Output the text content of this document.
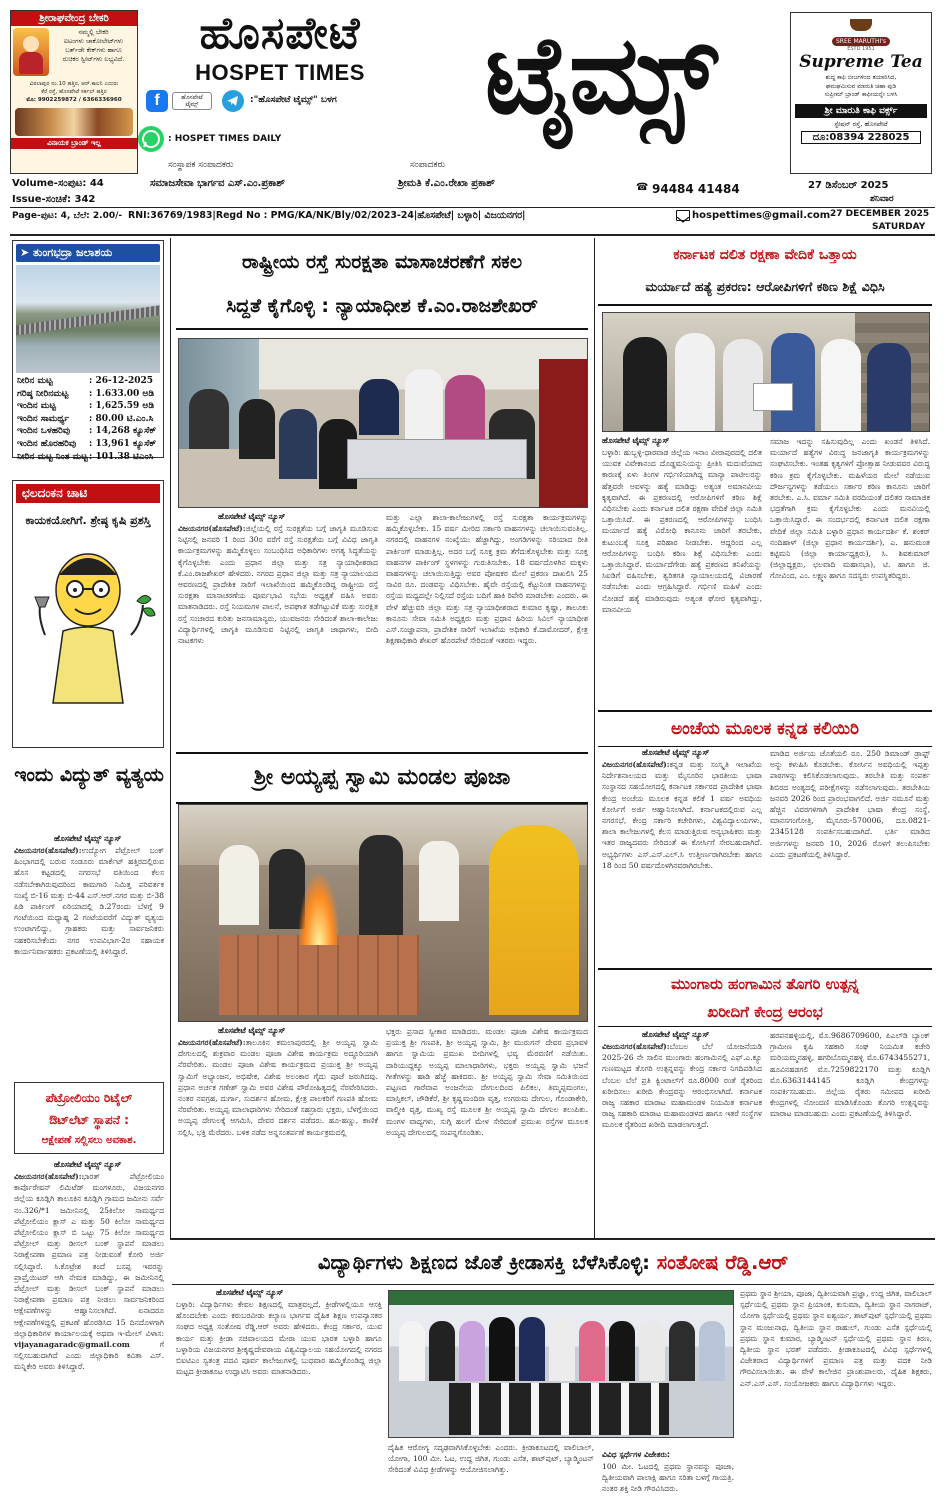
ಶ್ರೀರಾಘವೇಂದ್ರ ಬೇಕರಿ
ನಮ್ಮಲ್ಲಿ ಬೇಕರಿ
ಐಟಂಗಳು ಚಾಕೋಲೇಟ್‌ಗಳು
ಬರ್ತ್‌ಡೇ ಕೇಕ್‌ಗಳು ಹಾಗೂ
ರುಚಿಕರ ಸ್ವೀಟ್‌ಗಳು ಲಭ್ಯವಿದೆ.
ವಿಠಲಾಪುರ ನಂ.10 ಹತ್ತಿರ, ಆರ್.ಕಾಲನಿ ಎದುರು
ಕೆರೆ ರಸ್ತೆ, ಹೊಸಪೇಟೆ ಸರ್ಕಲ್ ಹತ್ತಿರ
ಮೊ: 9902259872 / 6366336960
ವಿನಾಯಕ ಬ್ರಾಂಡ್ ಇಲ್ಲ
ಹೊಸಪೇಟೆ
HOSPET TIMES
f	ಹೊಸಪೇಟೆ ಟೈಮ್ಸ್	:"ಹೊಸಪೇಟೆ ಟೈಮ್ಸ್" ಬಳಗ
: HOSPET TIMES DAILY
ಟೈಮ್ಸ್	SREE MARUTHI's
ESTD 1951
Supreme Tea
ಶುದ್ಧ ಕಾಫಿ ಬೀಜಗಳಿಂದ ತಯಾರಿಸಿದ,
ಘಮಘಮಿಸುವ ಮಾರುತಿ ಚಹಾ ಪುಡಿ
ಸುಪ್ರೀಮ್ ಬ್ರಾಂಡ್ ಕಾಫೀಯನ್ನೇ ಬಳಸಿ
ಶ್ರೀ ಮಾರುತಿ ಕಾಫಿ ವರ್ಕ್ಸ್
ಸ್ಟೇಷನ್ ರಸ್ತೆ, ಹೊಸಪೇಟೆ
ದೂ:08394 228025
ಸಂಸ್ಥಾಪಕ ಸಂಪಾದಕರು
ಸಮಾಜಸೇವಾ ಭಾರ್ಗವ ಎಸ್.ಎಂ.ಪ್ರಕಾಶ್
ಸಂಪಾದಕರು
ಶ್ರೀಮತಿ ಕೆ.ಎಂ.ರೇಖಾ ಪ್ರಕಾಶ್	☎ 94484 41484	27 ಡಿಸೆಂಬರ್ 2025
ಶನಿವಾರ
Volume-ಸಂಪುಟ: 44
Issue-ಸಂಚಿಕೆ: 342
Page-ಪುಟ: 4, ಬೆಲೆ: 2.00/- RNI:36769/1983|Regd No : PMG/KA/NK/Bly/02/2023-24|ಹೊಸಪೇಟೆ| ಬಳ್ಳಾರಿ| ವಿಜಯನಗರ|	hospettimes@gmail.com 27 DECEMBER 2025
SATURDAY
➤ ತುಂಗಭದ್ರಾ ಜಲಾಶಯ
ನೀರಿನ ಮಟ್ಟ	: 26-12-2025
ಗರಿಷ್ಠ ನೀರಿನಮಟ್ಟ	: 1.633.00 ಅಡಿ
ಇಂದಿನ ಮಟ್ಟ	: 1,625.59 ಅಡಿ
ಇಂದಿನ ಸಾಮರ್ಥ್ಯ	: 80.00 ಟಿ.ಎಂ.ಸಿ
ಇಂದಿನ ಒಳಹರಿವು	: 14,268 ಕ್ಯೂಸೆಕ್
ಇಂದಿನ ಹೊರಹರಿವು	: 13,961 ಕ್ಯೂಸೆಕ್
ನೀರಿನ ಮಟ್ಟ ನಿಂತ ಮಟ್ಟ : 101.38 ಟಿಎಂಸಿ
ಛಲದಂಕನ ಚಾಟಿ
ಕಾಯಕಯೋಗಿಗೆ. ಶ್ರೇಷ್ಠ ಕೃಷಿ ಪ್ರಶಸ್ತಿ
ಇಂದು ವಿದ್ಯುತ್ ವ್ಯತ್ಯಯ
ಹೊಸಪೇಟೆ ಟೈಮ್ಸ್ ನ್ಯೂಸ್
ವಿಜಯನಗರ(ಹೊಸಪೇಟೆ):ಉದ್ಯೋಗ ಪೆಟ್ರೋಲ್ ಬಂಕ್ ಹಿಂಭಾಗದಲ್ಲಿ ಬರುವ ಸಂಡೂರು ಮಾರ್ಕೆಟ್ ಹತ್ತಿರದಲ್ಲಿರುವ ಹೊಸ ಕಟ್ಟಡದಲ್ಲಿ ನಗರಸಭೆ ವತಿಯಿಂದ ಕೆಲಸ ನಡೆಸಬೇಕಾಗಿರುವುದರಿಂದ ಕಾಮಗಾರಿ ನಿಮಿತ್ತ ಪರಿವರ್ತಕ ಸಂಖ್ಯೆ ಬಿ-16 ಮತ್ತು ಬಿ-44 ಎಸ್.ಆರ್.ನಗರ ಮತ್ತು ಬಿ-38 ಪಿಡಿ ಪಾರ್ಕಿಂಗ್ ಏರಿಯಾದಲ್ಲಿ ಡಿ.27ರಂದು ಬೆಳಗ್ಗೆ 9 ಗಂಟೆಯಿಂದ ಮಧ್ಯಾಹ್ನ 2 ಗಂಟೆಯವರೆಗೆ ವಿದ್ಯುತ್ ವ್ಯತ್ಯಯ ಉಂಟಾಗಲಿದ್ದು, ಗ್ರಾಹಕರು ಮತ್ತು ಸಾರ್ವಜನಿಕರು ಸಹಕರಿಸಬೇಕೆಂದು ನಗರ ಉಪವಿಭಾಗ-2ರ ಸಹಾಯಕ ಕಾರ್ಯನಿರ್ವಾಹಕರು ಪ್ರಕಟಣೆಯಲ್ಲಿ ತಿಳಿಸಿದ್ದಾರೆ.
ಪೆಟ್ರೋಲಿಯಂ ರಿಟೈಲ್
ಔಟ್‌ಲೆಟ್ ಸ್ಥಾಪನೆ :
ಆಕ್ಷೇಪಣೆ ಸಲ್ಲಿಸಲು ಅವಕಾಶ.
ಹೊಸಪೇಟೆ ಟೈಮ್ಸ್ ನ್ಯೂಸ್
ವಿಜಯನಗರ(ಹೊಸಪೇಟೆ):ಭಾರತ್ ಪೆಟ್ರೋಲಿಯಂ ಕಾರ್ಪೊರೇಷನ್ ಲಿಮಿಟೆಡ್ ಮಂಗಳೂರು, ವಿಜಯನಗರ ಜಿಲ್ಲೆಯ ಕೂಡ್ಲಿಗಿ ತಾಲೂಕಿನ ಕೂಡ್ಲಿಗಿ ಗ್ರಾಮದ ಜಮೀನು ಸರ್ವೆ ನಂ.326/*1 ಜಮೀನಿನಲ್ಲಿ 25ಕಿಲೋ ಸಾಮರ್ಥ್ಯದ ಪೆಟ್ರೋಲಿಯಂ ಕ್ಲಾಸ್ ಎ ಮತ್ತು 50 ಕಿಲೋ ಸಾಮರ್ಥ್ಯದ ಪೆಟ್ರೋಲಿಯಂ ಕ್ಲಾಸ್ ಬಿ ಒಟ್ಟು 75 ಕಿಲೋ ಸಾಮರ್ಥ್ಯದ ಪೆಟ್ರೋಲ್ ಮತ್ತು ಡೀಸಲ್ ಬಂಕ್ ಸ್ಥಾಪನೆ ಮಾಡಲು ನಿರಾಕ್ಷೇಪಣಾ ಪ್ರಮಾಣ ಪತ್ರ ನೀಡುವಂತೆ ಕೋರಿ ಅರ್ಜಿ ಸಲ್ಲಿಸಿದ್ದಾರೆ. ಸಿ.ಕೊಟ್ರೇಶ ತಂದೆ ಬಸಪ್ಪ ಇವರನ್ನು ಪ್ರಾಪ್ರೈಯಿಟರ್ ಆಗಿ ನೇಮಕ ಮಾಡಿದ್ದು, ಈ ಜಮೀನಿನಲ್ಲಿ ಪೆಟ್ರೋಲ್ ಮತ್ತು ಡೀಸಲ್ ಬಂಕ್ ಸ್ಥಾಪನೆ ಮಾಡಲು ನಿರಾಕ್ಷೇಪಣಾ ಪ್ರಮಾಣ ಪತ್ರ ನೀಡಲು ಸಾರ್ವಜನಿಕರಿಂದ ಆಕ್ಷೇಪಣೆಗಳನ್ನು ಆಹ್ವಾನಿಸಲಾಗಿದೆ. ಏನಾದರೂ ಆಕ್ಷೇಪಣೆಗಳಿದ್ದಲ್ಲಿ ಪ್ರಕಟಣೆ ಹೊರಡಿಸಿದ 15 ದಿನದೊಳಗಾಗಿ ಜಿಲ್ಲಾಧಿಕಾರಿಗಳ ಕಾರ್ಯಾಲಯಕ್ಕೆ ಅಥವಾ ಇ-ಮೇಲ್ ವಿಳಾಸ: vijayanagaradc@gmail.com	ಗೆ ಸಲ್ಲಿಸಬಹುದಾಗಿದೆ ಎಂದು ಜಿಲ್ಲಾಧಿಕಾರಿ ಕವಿತಾ ಎಸ್. ಮನ್ನಿಕೇರಿ ಅವರು ತಿಳಿಸಿದ್ದಾರೆ.
ರಾಷ್ಟ್ರೀಯ ರಸ್ತೆ ಸುರಕ್ಷತಾ ಮಾಸಾಚರಣೆಗೆ ಸಕಲ
ಸಿದ್ದತೆ ಕೈಗೊಳ್ಳಿ : ನ್ಯಾಯಾಧೀಶ ಕೆ.ಎಂ.ರಾಜಶೇಖರ್
ಹೊಸಪೇಟೆ ಟೈಮ್ಸ್ ನ್ಯೂಸ್
ವಿಜಯನಗರ(ಹೊಸಪೇಟೆ):ಜಿಲ್ಲೆಯಲ್ಲಿ ರಸ್ತೆ ಸುರಕ್ಷತೆಯ ಬಗ್ಗೆ ಜಾಗೃತಿ ಮೂಡಿಸುವ ನಿಟ್ಟಿನಲ್ಲಿ ಜನವರಿ 1 ರಿಂದ 30ರ ವರೆಗೆ ರಸ್ತೆ ಸುರಕ್ಷತೆಯ ಬಗ್ಗೆ ವಿವಿಧ ಜಾಗೃತಿ ಕಾರ್ಯಕ್ರಮಗಳನ್ನು ಹಮ್ಮಿಕೊಳ್ಳಲು ಸಂಬಂಧಿಸಿದ ಅಧಿಕಾರಿಗಳು ಅಗತ್ಯ ಸಿದ್ಧತೆಯನ್ನು ಕೈಗೊಳ್ಳಬೇಕು ಎಂದು ಪ್ರಧಾನ ಜಿಲ್ಲಾ ಮತ್ತು ಸತ್ರ ನ್ಯಾಯಾಧೀಶರಾದ ಕೆ.ಎಂ.ರಾಜಶೇಖರ್ ಹೇಳಿದರು. ನಗರದ ಪ್ರಧಾನ ಜಿಲ್ಲಾ ಮತ್ತು ಸತ್ರ ನ್ಯಾಯಾಲಯದ ಆವರಣದಲ್ಲಿ ಪ್ರಾದೇಶಿಕ ಸಾರಿಗೆ ಇಲಾಖೆಯಿಂದ ಹಮ್ಮಿಕೊಂಡಿದ್ದ ರಾಷ್ಟ್ರೀಯ ರಸ್ತೆ ಸುರಕ್ಷತಾ ಮಾಸಾಚರಣೆಯ ಪೂರ್ವಭಾವಿ ಸಭೆಯ ಅಧ್ಯಕ್ಷತೆ ವಹಿಸಿ ಅವರು ಮಾತನಾಡಿದರು. ರಸ್ತೆ ನಿಯಮಗಳ ಪಾಲನೆ, ಅಪಘಾತ ತಡೆಗಟ್ಟುವಿಕೆ ಮತ್ತು ಸುರಕ್ಷಿತ ರಸ್ತೆ ಸಂಚಾರದ ಕುರಿತು ಜನಸಾಮಾನ್ಯರು, ಯುವಜನರು ಸೇರಿದಂತೆ ಶಾಲಾ-ಕಾಲೇಜು ವಿದ್ಯಾರ್ಥಿಗಳಲ್ಲಿ ಜಾಗೃತಿ ಮೂಡಿಸುವ ನಿಟ್ಟಿನಲ್ಲಿ ಜಾಗೃತಿ ಜಾಥಾಗಳು, ಬೀದಿ ನಾಟಕಗಳು
ಮತ್ತು ಎಲ್ಲಾ ಶಾಲಾ-ಕಾಲೇಜುಗಳಲ್ಲಿ ರಸ್ತೆ ಸುರಕ್ಷತಾ ಕಾರ್ಯಕ್ರಮಗಳನ್ನು ಹಮ್ಮಿಕೊಳ್ಳಬೇಕು. 15 ವರ್ಷ ಮೀರಿದ ಸರ್ಕಾರಿ ವಾಹನಗಳನ್ನು ಚಲಾಯಿಸುವಂತಿಲ್ಲ. ನಗರದಲ್ಲಿ ವಾಹನಗಳ ಸಂಖ್ಯೆಯು ಹೆಚ್ಚಾಗಿದ್ದು, ಅಂಗಡಿಗಳನ್ನು ಸರಿಯಾದ ರೀತಿ ಪಾರ್ಕಿಂಗ್ ಮಾಡುತ್ತಿಲ್ಲ. ಅದರ ಬಗ್ಗೆ ಸೂಕ್ತ ಕ್ರಮ ತೆಗೆದುಕೊಳ್ಳಬೇಕು ಮತ್ತು ಸೂಕ್ತ ವಾಹನಗಳ ಪಾರ್ಕಿಂಗ್ ಸ್ಥಳಗಳನ್ನು ಗುರುತಿಸಬೇಕು. 18 ವರ್ಷದೊಳಗಿನ ಮಕ್ಕಳು ವಾಹನಗಳನ್ನು ಚಲಾಯಿಸುತ್ತಿದ್ದು ಅವರ ಪೋಷಕರ ಮೇಲೆ ಪ್ರಕರಣ ದಾಖಲಿಸಿ 25 ಸಾವಿರ ರೂ. ದಂಡವನ್ನು ವಿಧಿಸಬೇಕು. ಹೈವೇ ರಸ್ತೆಯಲ್ಲಿ ಕೆಟ್ಟುನಿಂತ ವಾಹನಗಳನ್ನು ರಸ್ತೆಯ ಮಧ್ಯದಲ್ಲೇ ನಿಲ್ಲಿಸದೆ ರಸ್ತೆಯ ಬದಿಗೆ ಹಾಕಿ ರಿಪೇರಿ ಮಾಡಬೇಕು ಎಂದರು. ಈ ವೇಳೆ ಹೆಚ್ಚುವರಿ ಜಿಲ್ಲಾ ಮತ್ತು ಸತ್ರ ನ್ಯಾಯಾಧೀಶರಾದ ಕುಮಾರ ಕೃಷ್ಣಾ, ತಾಲೂಕು ಕಾನೂನು ಸೇವಾ ಸಮಿತಿ ಅಧ್ಯಕ್ಷರು ಮತ್ತು ಪ್ರಧಾನ ಹಿರಿಯ ಸಿವಿಲ್ ನ್ಯಾಯಾಧೀಶ ಎಸ್.ಸಂಜ್ಞಾಪನಾ, ಪ್ರಾದೇಶಿಕ ಸಾರಿಗೆ ಇಲಾಖೆಯ ಅಧಿಕಾರಿ ಕೆ.ದಾಮೋದರ್, ಕ್ಷೇತ್ರ ಶಿಕ್ಷಣಾಧಿಕಾರಿ ಶೇಖರ್ ಹೊರಪೇಟೆ ಸೇರಿದಂತೆ ಇತರರು ಇದ್ದರು.
ಶ್ರೀ ಅಯ್ಯಪ್ಪ ಸ್ವಾಮಿ ಮಂಡಲ ಪೂಜಾ
ಹೊಸಪೇಟೆ ಟೈಮ್ಸ್ ನ್ಯೂಸ್
ವಿಜಯನಗರ(ಹೊಸಪೇಟೆ):ತಾಲೂಕಿನ ಕಮಲಾಪುರದಲ್ಲಿ ಶ್ರೀ ಅಯ್ಯಪ್ಪ ಸ್ವಾಮಿ ದೇಗುಲದಲ್ಲಿ ಶುಕ್ರವಾರ ಮಂಡಲ ಪೂಜಾ ವಿಶೇಷ ಕಾರ್ಯಕ್ರಮ ಅದ್ಧೂರಿಯಾಗಿ ನೆರವೇರಿತು. ಮಂಡಲ ಪೂಜಾ ವಿಶೇಷ ಕಾರ್ಯಕ್ರಮದ ಪ್ರಯುಕ್ತ ಶ್ರೀ ಅಯ್ಯಪ್ಪ ಸ್ವಾಮಿಗೆ ಅಭ್ಯಾಂಜನ, ಅಭಿಷೇಕ, ವಿಶೇಷ ಅಲಂಕಾರ ಗೈದು ಪೂಜೆ ಜರುಗಿದವು. ಪ್ರಧಾನ ಅರ್ಚಕ ಗಣೇಶ್ ಸ್ವಾಮಿ ಅವರ ವಿಶೇಷ ಪೌರೋಹಿತ್ಯದಲ್ಲಿ ನೆರವೇರಿಸಿದರು. ನಂತರ ನವಗ್ರಹ, ದುರ್ಗಾ, ಸುದರ್ಶನ ಹೋಮ, ಕ್ಷೇತ್ರ ಪಾಲಕರಿಗೆ ಗಣಪತಿ ಹೋಮ ನೆರವೇರಿತು. ಅಯ್ಯಪ್ಪ ಮಾಲಾಧಾರಿಗಳು ಸೇರಿದಂತೆ ಸಹಸ್ರಾರು ಭಕ್ತರು, ಬೆಳಗ್ಗೆಯಿಂದ ಅಯ್ಯಪ್ಪ ದೇಗುಲಕ್ಕೆ ಆಗಮಿಸಿ, ದೇವರ ದರ್ಶನ ಪಡೆದರು. ಹೂ-ಹಣ್ಣು, ಕಾಣಿಕೆ ಸಲ್ಲಿಸಿ, ಭಕ್ತಿ ಮೆರೆದರು. ಬಳಿಕ ನಡೆದ ಅನ್ನಸಂತರ್ಪಣೆ ಕಾರ್ಯಕ್ರಮದಲ್ಲಿ
ಭಕ್ತರು ಪ್ರಸಾದ ಸ್ವೀಕಾರ ಮಾಡಿದರು. ಮಂಡಲ ಪೂಜಾ ವಿಶೇಷ ಕಾರ್ಯಕ್ರಮದ ಪ್ರಯುಕ್ತ ಶ್ರೀ ಗಣಪತಿ, ಶ್ರೀ ಅಯ್ಯಪ್ಪ ಸ್ವಾಮಿ, ಶ್ರೀ ಮುರುಗನ್ ದೇವರ ಪ್ರಭಾವಳಿ ಹಾಗೂ ಸ್ವಾಮಿಯ ಪ್ರಮುಖ ಬೀದಿಗಳಲ್ಲಿ ಭವ್ಯ ಮೆರವಣಿಗೆ ನಡೆಯಿತು. ದಾರಿಯುದ್ದಕ್ಕೂ ಅಯ್ಯಪ್ಪ ಮಾಲಾಧಾರಿಗಳು, ಭಕ್ತರು ಅಯ್ಯಪ್ಪ ಸ್ವಾಮಿ ಭಜನೆ ಗೀತೆಗಳನ್ನು ಹಾಡಿ ಹೆಜ್ಜೆ ಹಾಕಿದರು. ಶ್ರೀ ಅಯ್ಯಪ್ಪ ಸ್ವಾಮಿ ಸೇವಾ ಸಮಿತಿಯಿಂದ ಪಟ್ಟಣದ ಗಾರೆವಾಪ ಅಂಜನೇಯ ದೇಗುಲದಿಂದ ಪಿಲಿಕಲ, ತಿಮ್ಮಪ್ಪಮಂಗಲ, ಮಾಸ್ತಿಕಲ್, ಜೌಡಿಕೆರೆ, ಶ್ರೀ ಕೃಷ್ಣಮಂದಿರಾ ವೃತ್ತ, ಉಗರುಮ ದೇಗುಲ, ಗೊಂಡಾಕೇರಿ, ವಾಲ್ಮೀಕಿ ವೃತ್ತ, ಮುಖ್ಯ ರಸ್ತೆ ಮೂಲಕ ಶ್ರೀ ಅಯ್ಯಪ್ಪ ಸ್ವಾಮಿ ದೇಗುಲ ತಲುಪಿತು. ಮಂಗಳ ವಾದ್ಯಗಳು, ಸುಗ್ಗಿ ಹಲಗೆ ಮೇಳ ಸೇರಿದಂತೆ ಪ್ರಮುಖ ರಸ್ತೆಗಳ ಮೂಲಕ ಅಯ್ಯಪ್ಪ ದೇಗುಲದಲ್ಲಿ ಸಂಪನ್ನಗೊಂಡಿತು.
ಕರ್ನಾಟಕ ದಲಿತ ರಕ್ಷಣಾ ವೇದಿಕೆ ಒತ್ತಾಯ
ಮರ್ಯಾದೆ ಹತ್ಯೆ ಪ್ರಕರಣ: ಆರೋಪಿಗಳಿಗೆ ಕಠಿಣ ಶಿಕ್ಷೆ ವಿಧಿಸಿ
ಹೊಸಪೇಟೆ ಟೈಮ್ಸ್ ನ್ಯೂಸ್
ಬಳ್ಳಾರಿ: ಹುಬ್ಬಳ್ಳಿ-ಧಾರವಾಡ ಜಿಲ್ಲೆಯ ಇನಾಂ ವೀರಾಪುರದಲ್ಲಿ ದಲಿತ ಯುವಕ ವಿವೇಕಾನಂದ ದೊಡ್ಡಮನಿಯನ್ನು ಪ್ರೀತಿಸಿ ಮದುವೆಯಾದ ಕಾರಣಕ್ಕೆ ಏಳು ತಿಂಗಳ ಗರ್ಭಿಣಿಯಾಗಿದ್ದ ಮಾನ್ಯಾ ಪಾಟೀಲರನ್ನು ಹೆತ್ತವರೇ ಅವಳನ್ನು ಹತ್ಯೆ ಮಾಡಿದ್ದು ಅತ್ಯಂತ ಅಮಾನವೀಯ ಕೃತ್ಯವಾಗಿದೆ. ಈ ಪ್ರಕರಣದಲ್ಲಿ ಆರೋಪಿಗಳಿಗೆ ಕಠಿಣ ಶಿಕ್ಷೆ ವಿಧಿಸಬೇಕು ಎಂದು ಕರ್ನಾಟಕ ದಲಿತ ರಕ್ಷಣಾ ವೇದಿಕೆ ಜಿಲ್ಲಾ ಸಮಿತಿ ಒತ್ತಾಯಿಸಿದೆ. ಈ ಪ್ರಕರಣದಲ್ಲಿ ಆರೋಪಿಗಳನ್ನು ಬಂಧಿಸಿ ಮರ್ಯಾದೆ ಹತ್ಯೆ ವಿರೋಧಿ ಕಾನೂನು ಜಾರಿಗೆ ತರಬೇಕು, ಕುಟುಂಬಕ್ಕೆ ಸೂಕ್ತ ಪರಿಹಾರ ನೀಡಬೇಕು. ಆದ್ದರಿಂದ ಎಲ್ಲ ಆರೋಪಿಗಳನ್ನು ಬಂಧಿಸಿ ಕಠಿಣ ಶಿಕ್ಷೆ ವಿಧಿಸಬೇಕು ಎಂದು ಒತ್ತಾಯಿಸಿದ್ದಾರೆ. ಮರ್ಯಾದೆಗೇಡು ಹತ್ಯೆ ಪ್ರಕರಣದ ತನಿಖೆಯನ್ನು ಸಿಐಡಿಗೆ ವಹಿಸಬೇಕು, ತ್ವರಿತಗತಿ ನ್ಯಾಯಾಲಯದಲ್ಲಿ ವಿಚಾರಣೆ ನಡೆಸಬೇಕು ಎಂದು ಆಗ್ರಹಿಸಿದ್ದಾರೆ. ಗರ್ಭಿಣಿ ಮಹಿಳೆ ಎಂದು ನೋಡದೆ ಹತ್ಯೆ ಮಾಡಿರುವುದು ಅತ್ಯಂತ ಘೋರ ಕೃತ್ಯವಾಗಿದ್ದು, ಮಾನವೀಯ
ಸಮಾಜ ಇದನ್ನು ಸಹಿಸುವುದಿಲ್ಲ ಎಂದು ಖಂಡನೆ ತಿಳಿಸಿದೆ. ಮರ್ಯಾದೆ ಹತ್ಯೆಗಳ ವಿರುದ್ಧ ಜನಜಾಗೃತಿ ಕಾರ್ಯಕ್ರಮಗಳನ್ನು ಸಂಘಟಿಸಬೇಕು. ಇಂತಹ ಕೃತ್ಯಗಳಿಗೆ ಪ್ರೋತ್ಸಾಹ ನೀಡುವವರ ವಿರುದ್ಧ ಕಠಿಣ ಕ್ರಮ ಕೈಗೊಳ್ಳಬೇಕು. ಮಹಿಳೆಯರ ಮೇಲೆ ನಡೆಯುವ ದೌರ್ಜನ್ಯಗಳನ್ನು ತಡೆಯಲು ಸರ್ಕಾರ ಕಠಿಣ ಕಾನೂನು ಜಾರಿಗೆ ತರಬೇಕು. ಎ.ಸಿ. ವರ್ಮಾ ಸಮಿತಿ ವರದಿಯಂತೆ ದಲಿತರ ಸಾಮಾಜಿಕ ಭದ್ರತೆಗಾಗಿ ಕ್ರಮ ಕೈಗೊಳ್ಳಬೇಕು ಎಂದು ಮನವಿಯಲ್ಲಿ ಒತ್ತಾಯಿಸಿದ್ದಾರೆ. ಈ ಸಂದರ್ಭದಲ್ಲಿ ಕರ್ನಾಟಕ ದಲಿತ ರಕ್ಷಣಾ ವೇದಿಕೆ ಜಿಲ್ಲಾ ಸಮಿತಿ ಬಳ್ಳಾರಿ ಪ್ರಧಾನ ಕಾರ್ಯದರ್ಶಿ ಕೆ. ಶಂಕರ್ ನಂದಿಹಾಳ್ (ಜಿಲ್ಲಾ ಪ್ರಧಾನ ಕಾರ್ಯದರ್ಶಿ), ಎ. ಹನುಮಂತ ಕಟ್ಟಿಮನಿ (ಜಿಲ್ಲಾ ಕಾರ್ಯಾಧ್ಯಕ್ಷರು), ಸಿ. ಶಿವಕುಮಾರ್ (ಜಿಲ್ಲಾಧ್ಯಕ್ಷರು, ಛಲವಾದಿ ಮಹಾಸಭಾ), ಟಿ. ಹಾಗೂ ಜಿ. ಗೋವಿಂದ, ಎಂ. ಲಕ್ಷ್ಮಣ ಹಾಗೂ ಸದಸ್ಯರು ಉಪಸ್ಥಿತರಿದ್ದರು.
ಅಂಚೆಯ ಮೂಲಕ ಕನ್ನಡ ಕಲಿಯಿರಿ
ಹೊಸಪೇಟೆ ಟೈಮ್ಸ್ ನ್ಯೂಸ್
ವಿಜಯನಗರ(ಹೊಸಪೇಟೆ):ಕನ್ನಡ ಮತ್ತು ಸಂಸ್ಕೃತಿ ಇಲಾಖೆಯ ನಿರ್ದೇಶನಾಲಯದ ಮತ್ತು ಮೈಸೂರಿನ ಭಾರತೀಯ ಭಾಷಾ ಸಂಸ್ಥಾನದ ಸಹಯೋಗದಲ್ಲಿ ಕರ್ನಾಟಕ ಸರ್ಕಾರದ ಪ್ರಾದೇಶಿಕ ಭಾಷಾ ಕೇಂದ್ರ ಅಂಚೆಯ ಮೂಲಕ ಕನ್ನಡ ಕಲಿಕೆ 1 ವರ್ಷ ಅವಧಿಯ ಕೋರ್ಸಿಗೆ ಅರ್ಜಿ ಆಹ್ವಾನಿಸಲಾಗಿದೆ. ಕರ್ನಾಟಕದಲ್ಲಿರುವ ಎಲ್ಲ ನಗರಸಭೆ, ಕೇಂದ್ರ ಸರ್ಕಾರಿ ಕಚೇರಿಗಳು, ವಿಶ್ವವಿದ್ಯಾಲಯಗಳು, ಶಾಲಾ ಕಾಲೇಜುಗಳಲ್ಲಿ ಕೆಲಸ ಮಾಡುತ್ತಿರುವ ಅನ್ಯಭಾಷಿಕರು ಮತ್ತು ಇತರ ರಾಜ್ಯದವರು ಸೇರಿದಂತೆ ಈ ಕೋರ್ಸಿಗೆ ಸೇರಬಹುದಾಗಿದೆ. ಅಭ್ಯರ್ಥಿಗಳು ಎಸ್.ಎಸ್.ಎಲ್.ಸಿ ಉತ್ತೀರ್ಣರಾಗಿರಬೇಕು ಹಾಗೂ 18 ರಿಂದ 50 ವರ್ಷದೊಳಗಿನವರಾಗಿರಬೇಕು.
ಮಾಡಿದ ಅರ್ಜಿಯ ಜೊತೆಯಲಿ ರೂ. 250 ಡಿಮಾಂಡ್ ಡ್ರಾಫ್ಟ್ ಅನ್ನು ಕಳುಹಿಸಿ ಕೊಡಬೇಕು. ಕೋರ್ಸಿನ ಅವಧಿಯಲ್ಲಿ ಇಪ್ಪತ್ತು ಪಾಠಗಳನ್ನು ಕಲಿಸಿಕೊಡಲಾಗುವುದು. ತರಬೇತಿ ಮತ್ತು ಸಂಪರ್ಕ ಶಿಬಿರದ ಅಂತ್ಯದಲ್ಲಿ ಪರೀಕ್ಷೆಗಳನ್ನು ನಡೆಸಲಾಗುವುದು. ತರಬೇತಿಯ ಜನವರಿ 2026 ರಿಂದ ಪ್ರಾರಂಭವಾಗಲಿದೆ. ಅರ್ಜಿ ನಮೂನೆ ಮತ್ತು ಹೆಚ್ಚಿನ ವಿವರಗಳಿಗಾಗಿ ಪ್ರಾದೇಶಿಕ ಭಾಷಾ ಕೇಂದ್ರ ಸಂಸ್ಥೆ, ಮಾನಸಗಂಗೋತ್ರಿ, ಮೈಸೂರು-570006, ದೂ.0821-2345128 ಸಂಪರ್ಕಿಸಬಹುದಾಗಿದೆ. ಭರ್ತಿ ಮಾಡಿದ ಅರ್ಜಿಗಳನ್ನು ಜನವರಿ 10, 2026 ರೊಳಗೆ ತಲುಪಿಸಬೇಕು ಎಂದು ಪ್ರಕಟಣೆಯಲ್ಲಿ ತಿಳಿಸಿದ್ದಾರೆ.
ಮುಂಗಾರು ಹಂಗಾಮಿನ ತೊಗರಿ ಉತ್ಪನ್ನ
ಖರೀದಿಗೆ ಕೇಂದ್ರ ಆರಂಭ
ಹೊಸಪೇಟೆ ಟೈಮ್ಸ್ ನ್ಯೂಸ್
ವಿಜಯನಗರ(ಹೊಸಪೇಟೆ):ಬೆಂಬಲ ಬೆಲೆ ಯೋಜನೆಯಡಿ 2025-26 ನೇ ಸಾಲಿನ ಮುಂಗಾರು ಹಂಗಾಮಿನಲ್ಲಿ ಎಫ್.ಎ.ಕ್ಯೂ ಗುಣಮಟ್ಟದ ತೊಗರಿ ಉತ್ಪನ್ನವನ್ನು ಕೇಂದ್ರ ಸರ್ಕಾರ ನಿಗದಿಪಡಿಸಿದ ಬೆಂಬಲ ಬೆಲೆ ಪ್ರತಿ ಕ್ವಿಂಟಾಲ್‌ಗೆ ರೂ.8000 ರಂತೆ ರೈತರಿಂದ ಖರೀದಿಸಲು ಖರೀದಿ ಕೇಂದ್ರವನ್ನು ಆರಂಭಿಸಲಾಗಿದೆ. ಕರ್ನಾಟಕ ರಾಜ್ಯ ಸಹಕಾರ ಮಾರಾಟ ಮಹಾಮಂಡಳಿ ನಿಯಮಿತ ಕರ್ನಾಟಕ ರಾಜ್ಯ ಸಹಕಾರಿ ಮಾರಾಟ ಮಹಾಮಂಡಳದ ಹಾಗೂ ಇತರೆ ಸಂಸ್ಥೆಗಳ ಮೂಲಕ ರೈತರಿಂದ ಖರೀದಿ ಮಾಡಲಾಗುತ್ತದೆ.
ಹರಪನಹಳ್ಳಿಯಲ್ಲಿ, ಮೊ.9686709600, ಪಿಎಲ್‌ಡಿ ಬ್ಯಾಂಕ್ ಗ್ರಾಮೀಣ ಕೃಷಿ ಸಹಕಾರಿ ಸಂಘ ನಿಯಮಿತ ಕಚೇರಿ ಮರಿಯಮ್ಮನಹಳ್ಳಿ, ಹಗರಿಬೊಮ್ಮನಹಳ್ಳಿ ಮೊ.6743455271, ಹೂವಿನಹಡಗಲಿ ಮೊ.7259822170 ಮತ್ತು ಕೂಡ್ಲಿಗಿ ಮೊ.6363144145 ಕೂಡ್ಲಿಗಿ ಕೇಂದ್ರಗಳನ್ನು ಸಂಪರ್ಕಿಸಬಹುದು. ಜಿಲ್ಲೆಯ ರೈತರು ಸಮೀಪದ ಖರೀದಿ ಕೇಂದ್ರಗಳಲ್ಲಿ ನೋಂದಣಿ ಮಾಡಿಸಿಕೊಂಡು ತೊಗರಿ ಉತ್ಪನ್ನವನ್ನು ಮಾರಾಟ ಮಾಡಬಹುದು ಎಂದು ಪ್ರಕಟಣೆಯಲ್ಲಿ ತಿಳಿಸಿದ್ದಾರೆ.
ವಿದ್ಯಾರ್ಥಿಗಳು ಶಿಕ್ಷಣದ ಜೊತೆ ಕ್ರೀಡಾಸಕ್ತಿ ಬೆಳೆಸಿಕೊಳ್ಳಿ: ಸಂತೋಷ ರೆಡ್ಡಿ.ಆರ್
ಹೊಸಪೇಟೆ ಟೈಮ್ಸ್ ನ್ಯೂಸ್
ಬಳ್ಳಾರಿ: ವಿದ್ಯಾರ್ಥಿಗಳು ಕೇವಲ ಶಿಕ್ಷಣದಲ್ಲಿ ಮಾತ್ರವಲ್ಲದೆ, ಕ್ರೀಡೆಗಳಲ್ಲಿಯೂ ಆಸಕ್ತಿ ಹೊಂದಬೇಕು ಎಂದು ಕರುಬರವೀಡು ಕಲ್ಯಾಣ ಭಾರ್ಗವ ದೈಹಿಕ ಶಿಕ್ಷಣ ಉಪನ್ಯಾಸಕರ ಸಂಘದ ಅಧ್ಯಕ್ಷ ಸಂತೋಷ ರೆಡ್ಡಿ.ಆರ್ ಅವರು ಹೇಳಿದರು. ಕೇಂದ್ರ ಸರ್ಕಾರ, ಯುವ ಕಾರ್ಯ ಮತ್ತು ಕ್ರೀಡಾ ಸಚಿವಾಲಯದ ಮೇರಾ ಯುವ ಭಾರತ ಬಳ್ಳಾರಿ ಹಾಗೂ ಬಳ್ಳಾರಿಯ ವಿಜಯನಗರ ಶ್ರೀಕೃಷ್ಣದೇವರಾಯ ವಿಶ್ವವಿದ್ಯಾಲಯ ಸಹಯೋಗದಲ್ಲಿ ನಗರದ ಬಿಐಟಿಎಂ ಸ್ವತಂತ್ರ ಪದವಿ ಪೂರ್ವ ಕಾಲೇಜುಗಳಲ್ಲಿ ಬುಧವಾರ ಹಮ್ಮಿಕೊಂಡಿದ್ದ ಜಿಲ್ಲಾ ಮಟ್ಟದ ಕ್ರೀಡಾಕೂಟ ಉದ್ಘಾಟಿಸಿ ಅವರು ಮಾತನಾಡಿದರು.
ದೈಹಿಕ ಆರೋಗ್ಯ ಸದೃಢವಾಗಿಸಿಕೊಳ್ಳಬೇಕು ಎಂದರು. ಕ್ರೀಡಾಕೂಟದಲ್ಲಿ ವಾಲಿಬಾಲ್, ಯೋಗಾ, 100 ಮೀ. ಓಟ, ಉದ್ದ ಜಿಗಿತ, ಗುಂಡು ಎಸೆತ, ಶಾಟ್‌ಪುಟ್, ಬ್ಯಾಡ್ಮಿಂಟನ್ ಸೇರಿದಂತೆ ವಿವಿಧ ಕ್ರೀಡೆಗಳನ್ನು ಆಯೋಜಿಸಲಾಗಿತ್ತು.
ವಿವಿಧ ಸ್ಪರ್ಧೆಗಳ ವಿಜೇತರು:
100 ಮೀ. ಓಟದಲ್ಲಿ ಪ್ರಥಮ ಸ್ಥಾನವನ್ನು ಪೂಜಾ, ದ್ವಿತೀಯವಾಗಿ ಪಾಲಾಕ್ಷಿ ಹಾಗೂ ಸರಿತಾ ಬಳಗ್ಗೆ ಗಾಯತ್ರಿ. ನಂತರ ಶಕ್ತಿ ನೀಡಿ ಗೌರವಿಸಿದರು.
ಪ್ರಥಮ ಸ್ಥಾನ ಶ್ರೀಯಾ, ಪೂಜಾ, ದ್ವಿತೀಯವಾಗಿ ಪ್ರಜ್ಞಾ, ಉದ್ದ ಜಿಗಿತ, ವಾಲಿಬಾಲ್ ಸ್ಪರ್ಧೆಯಲ್ಲಿ ಪ್ರಥಮ ಸ್ಥಾನ ಪ್ರಿಯಾಂಕ, ಕುಸುಮಾ, ದ್ವಿತೀಯ ಸ್ಥಾನ ನಾಗರಾಜ್, ಯೋಗಾ ಸ್ಪರ್ಧೆಯಲ್ಲಿ ಪ್ರಥಮ ಸ್ಥಾನ ಐಶ್ವರ್ಯ, ಶಾಟ್‌ಪುಟ್ ಸ್ಪರ್ಧೆಯಲ್ಲಿ ಪ್ರಥಮ ಸ್ಥಾನ ಮಂಜುನಾಥ, ದ್ವಿತೀಯ ಸ್ಥಾನ ರಾಹುಲ್, ಗುಂಡು ಎಸೆತ ಸ್ಪರ್ಧೆಯಲ್ಲಿ ಪ್ರಥಮ ಸ್ಥಾನ ಕುಮಾರ, ಬ್ಯಾಡ್ಮಿಂಟನ್ ಸ್ಪರ್ಧೆಯಲ್ಲಿ ಪ್ರಥಮ ಸ್ಥಾನ ಕಿರಣ, ದ್ವಿತೀಯ ಸ್ಥಾನ ಭರತ್ ಪಡೆದರು. ಕ್ರೀಡಾಕೂಟದಲ್ಲಿ ವಿವಿಧ ಸ್ಪರ್ಧೆಗಳಲ್ಲಿ ವಿಜೇತರಾದ ವಿದ್ಯಾರ್ಥಿಗಳಿಗೆ ಪ್ರಮಾಣ ಪತ್ರ ಮತ್ತು ಪದಕ ನೀಡಿ ಗೌರವಿಸಲಾಯಿತು. ಈ ವೇಳೆ ಕಾಲೇಜಿನ ಪ್ರಾಂಶುಪಾಲರು, ದೈಹಿಕ ಶಿಕ್ಷಕರು, ಎನ್.ಎಸ್.ಎಸ್. ಸಂಯೋಜಕರು ಹಾಗೂ ವಿದ್ಯಾರ್ಥಿಗಳು ಇದ್ದರು.
